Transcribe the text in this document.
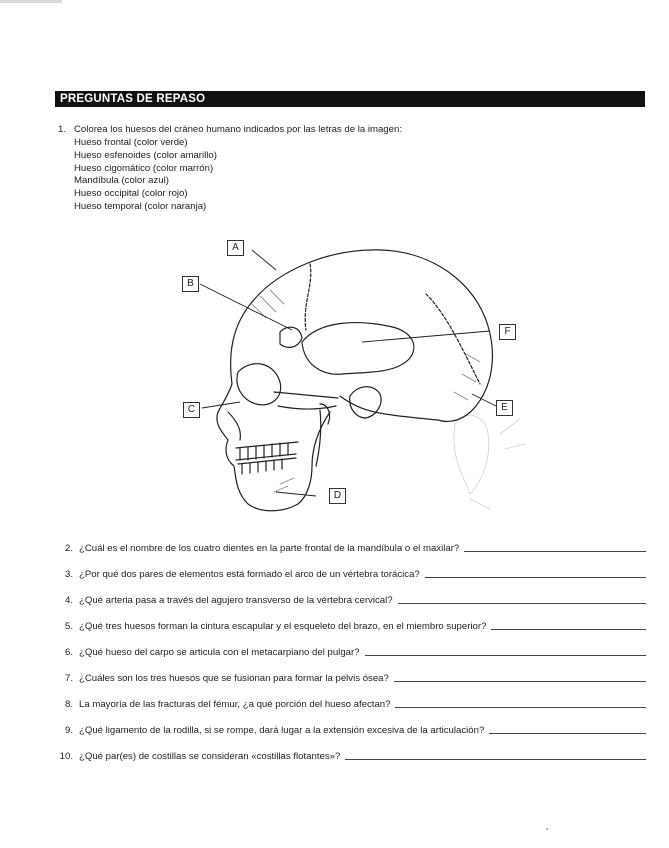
PREGUNTAS DE REPASO
1. Colorea los huesos del cráneo humano indicados por las letras de la imagen:
Hueso frontal (color verde)
Hueso esfenoides (color amarillo)
Hueso cigomático (color marrón)
Mandíbula (color azul)
Hueso occipital (color rojo)
Hueso temporal (color naranja)
A
B
C
D
E
F
2. ¿Cuál es el nombre de los cuatro dientes en la parte frontal de la mandíbula o el maxilar?
3. ¿Por qué dos pares de elementos está formado el arco de un vértebra torácica?
4. ¿Qué arteria pasa a través del agujero transverso de la vértebra cervical?
5. ¿Qué tres huesos forman la cintura escapular y el esqueleto del brazo, en el miembro superior?
6. ¿Qué hueso del carpo se articula con el metacarpiano del pulgar?
7. ¿Cuáles son los tres huesos que se fusionan para formar la pelvis ósea?
8. La mayoría de las fracturas del fémur, ¿a qué porción del hueso afectan?
9. ¿Qué ligamento de la rodilla, si se rompe, dará lugar a la extensión excesiva de la articulación?
10. ¿Qué par(es) de costillas se consideran «costillas flotantes»?
